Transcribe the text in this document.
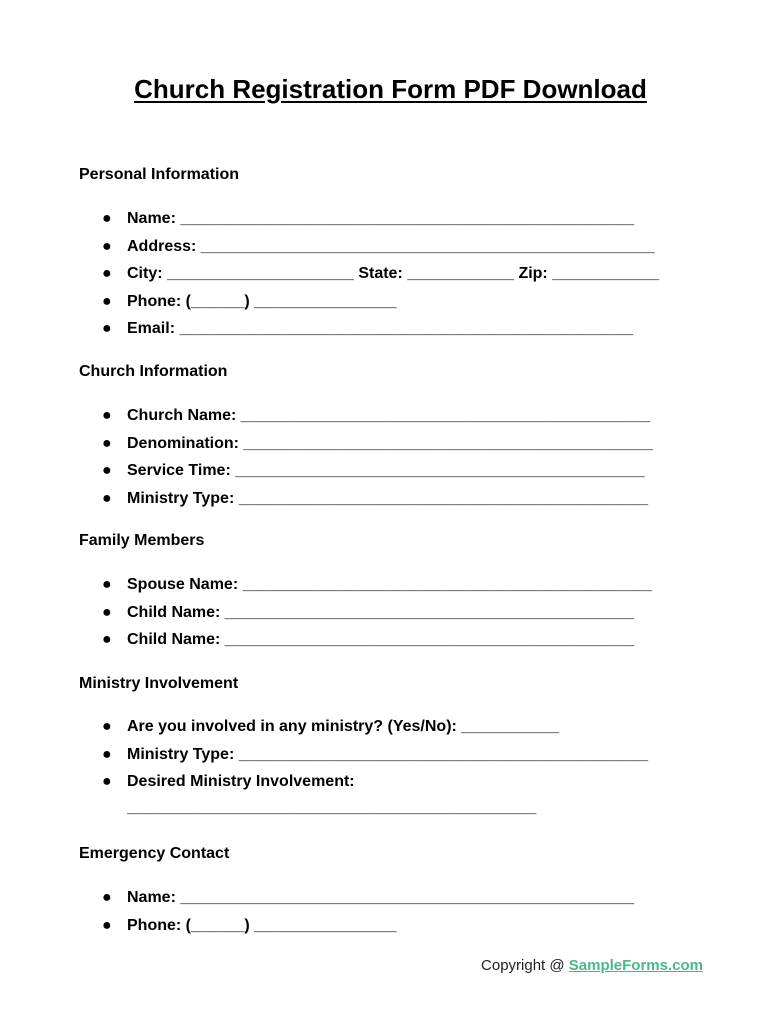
Church Registration Form PDF Download
Personal Information
● Name: ___________________________________________________
● Address: ___________________________________________________
● City: _____________________ State: ____________ Zip: ____________
● Phone: (______) ________________
● Email: ___________________________________________________
Church Information
● Church Name: ______________________________________________
● Denomination: ______________________________________________
● Service Time: ______________________________________________
● Ministry Type: ______________________________________________
Family Members
● Spouse Name: ______________________________________________
● Child Name: ______________________________________________
● Child Name: ______________________________________________
Ministry Involvement
● Are you involved in any ministry? (Yes/No): ___________
● Ministry Type: ______________________________________________
● Desired Ministry Involvement:

______________________________________________

Emergency Contact
● Name: ___________________________________________________
● Phone: (______) ________________
Copyright @ SampleForms.com
